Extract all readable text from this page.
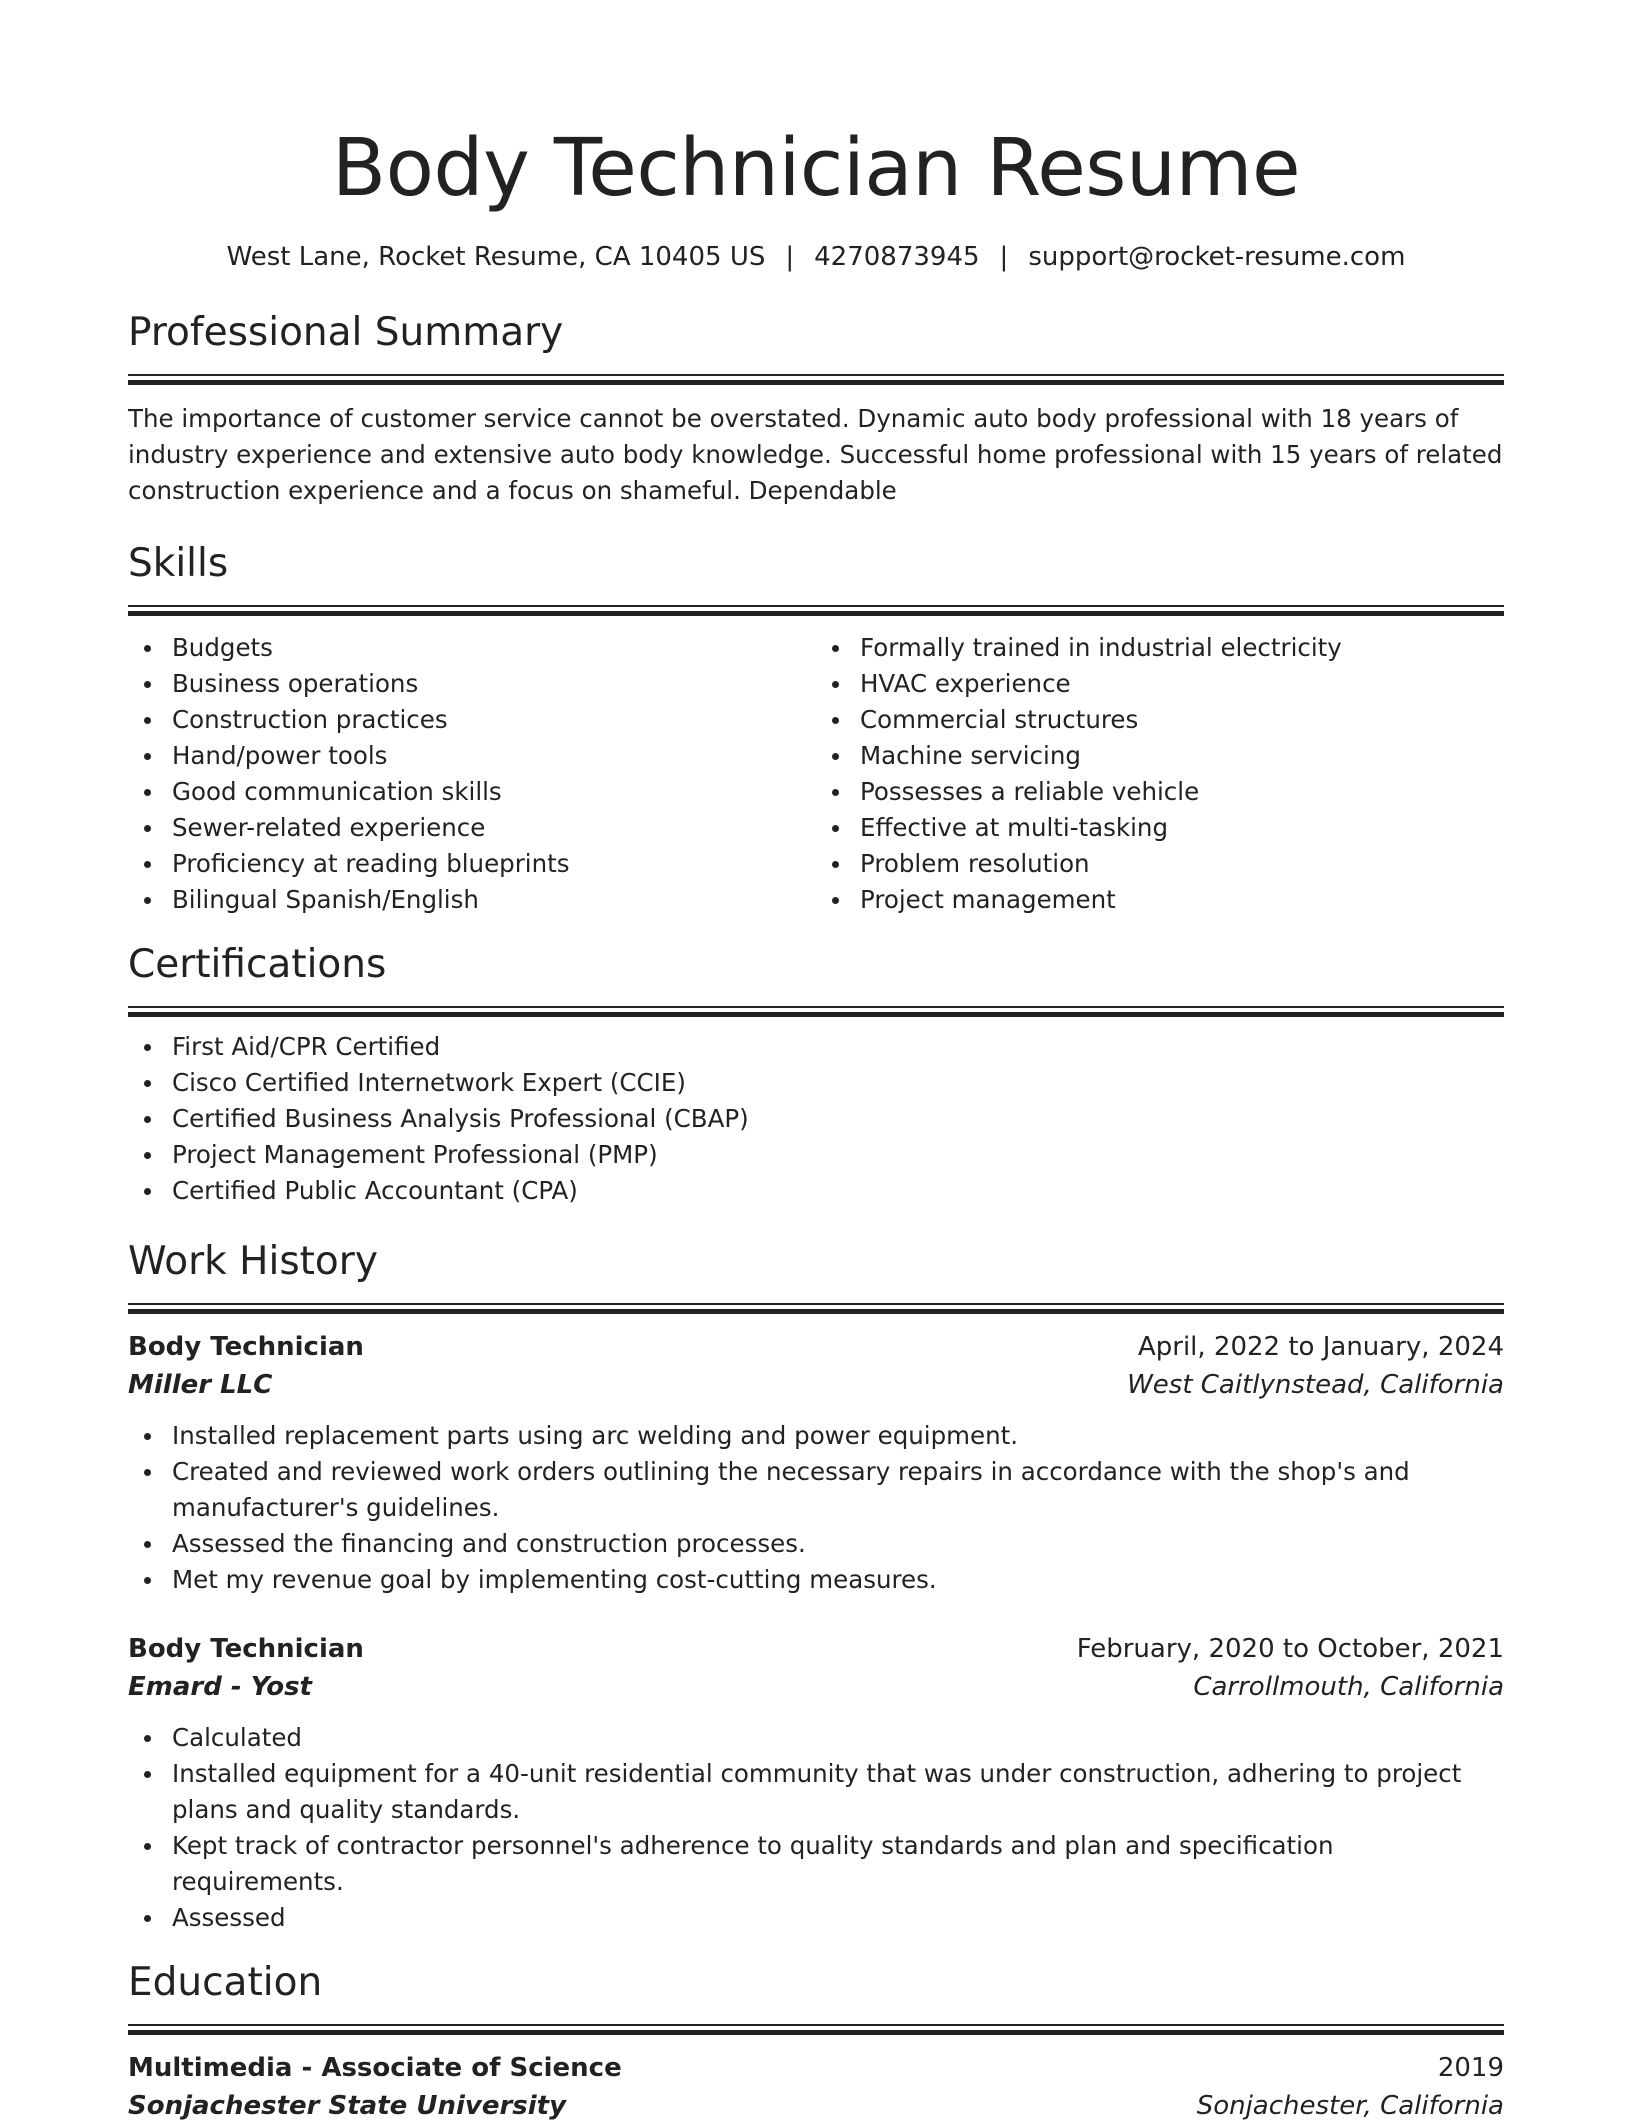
Body Technician Resume
West Lane, Rocket Resume, CA 10405 US | 4270873945 | support@rocket-resume.com
Professional Summary

The importance of customer service cannot be overstated. Dynamic auto body professional with 18 years of industry experience and extensive auto body knowledge. Successful home professional with 15 years of related construction experience and a focus on shameful. Dependable

Skills
Budgets
Business operations
Construction practices
Hand/power tools
Good communication skills
Sewer-related experience
Proficiency at reading blueprints
Bilingual Spanish/English
Formally trained in industrial electricity
HVAC experience
Commercial structures
Machine servicing
Possesses a reliable vehicle
Effective at multi-tasking
Problem resolution
Project management
Certifications
First Aid/CPR Certified
Cisco Certified Internetwork Expert (CCIE)
Certified Business Analysis Professional (CBAP)
Project Management Professional (PMP)
Certified Public Accountant (CPA)
Work History
Body Technician	April, 2022 to January, 2024
Miller LLC	West Caitlynstead, California
Installed replacement parts using arc welding and power equipment.
Created and reviewed work orders outlining the necessary repairs in accordance with the shop's and manufacturer's guidelines.
Assessed the financing and construction processes.
Met my revenue goal by implementing cost-cutting measures.
Body Technician	February, 2020 to October, 2021
Emard - Yost	Carrollmouth, California
Calculated
Installed equipment for a 40-unit residential community that was under construction, adhering to project plans and quality standards.
Kept track of contractor personnel's adherence to quality standards and plan and specification requirements.
Assessed
Education
Multimedia - Associate of Science	2019
Sonjachester State University	Sonjachester, California
